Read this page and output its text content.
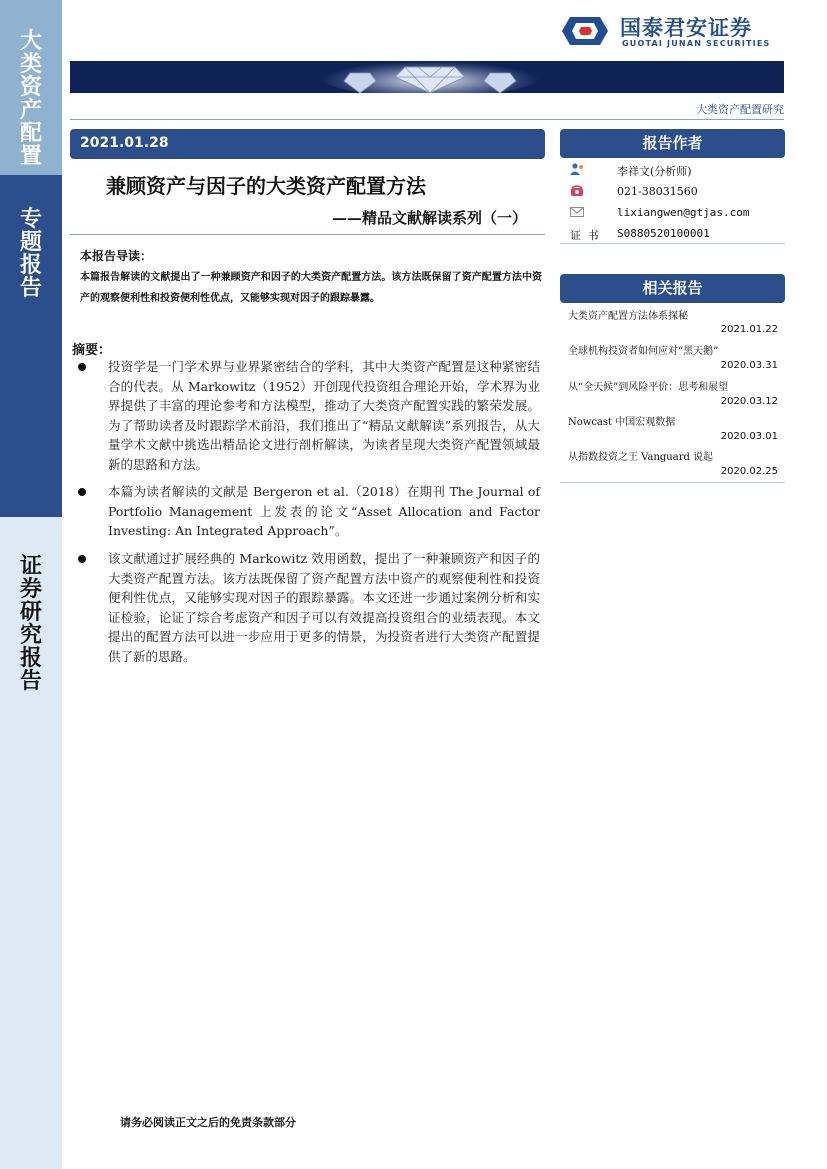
大
类
资
产
配
置
专
题
报
告
证
券
研
究
报
告
国泰君安证券
GUOTAI JUNAN SECURITIES
大类资产配置研究
2021.01.28
兼顾资产与因子的大类资产配置方法
——精品文献解读系列（一）
本报告导读：
本篇报告解读的文献提出了一种兼顾资产和因子的大类资产配置方法。该方法既保留了资产配置方法中资产的观察便利性和投资便利性优点，又能够实现对因子的跟踪暴露。
摘要：
投资学是一门学术界与业界紧密结合的学科，其中大类资产配置是这种紧密结合的代表。从 Markowitz（1952）开创现代投资组合理论开始，学术界为业界提供了丰富的理论参考和方法模型，推动了大类资产配置实践的繁荣发展。为了帮助读者及时跟踪学术前沿，我们推出了“精品文献解读”系列报告，从大量学术文献中挑选出精品论文进行剖析解读，为读者呈现大类资产配置领域最新的思路和方法。
本篇为读者解读的文献是 Bergeron et al.（2018）在期刊 The Journal of Portfolio Management 上发表的论文“Asset Allocation and Factor Investing: An Integrated Approach”。
该文献通过扩展经典的 Markowitz 效用函数，提出了一种兼顾资产和因子的大类资产配置方法。该方法既保留了资产配置方法中资产的观察便利性和投资便利性优点，又能够实现对因子的跟踪暴露。本文还进一步通过案例分析和实证检验，论证了综合考虑资产和因子可以有效提高投资组合的业绩表现。本文提出的配置方法可以进一步应用于更多的情景，为投资者进行大类资产配置提供了新的思路。
报告作者
李祥文(分析师)
021-38031560
lixiangwen@gtjas.com
证 书 S0880520100001
相关报告
大类资产配置方法体系探秘
2021.01.22
全球机构投资者如何应对“黑天鹅”
2020.03.31
从“全天候”到风险平价：思考和展望
2020.03.12
Nowcast 中国宏观数据
2020.03.01
从指数投资之王 Vanguard 说起
2020.02.25
请务必阅读正文之后的免责条款部分
